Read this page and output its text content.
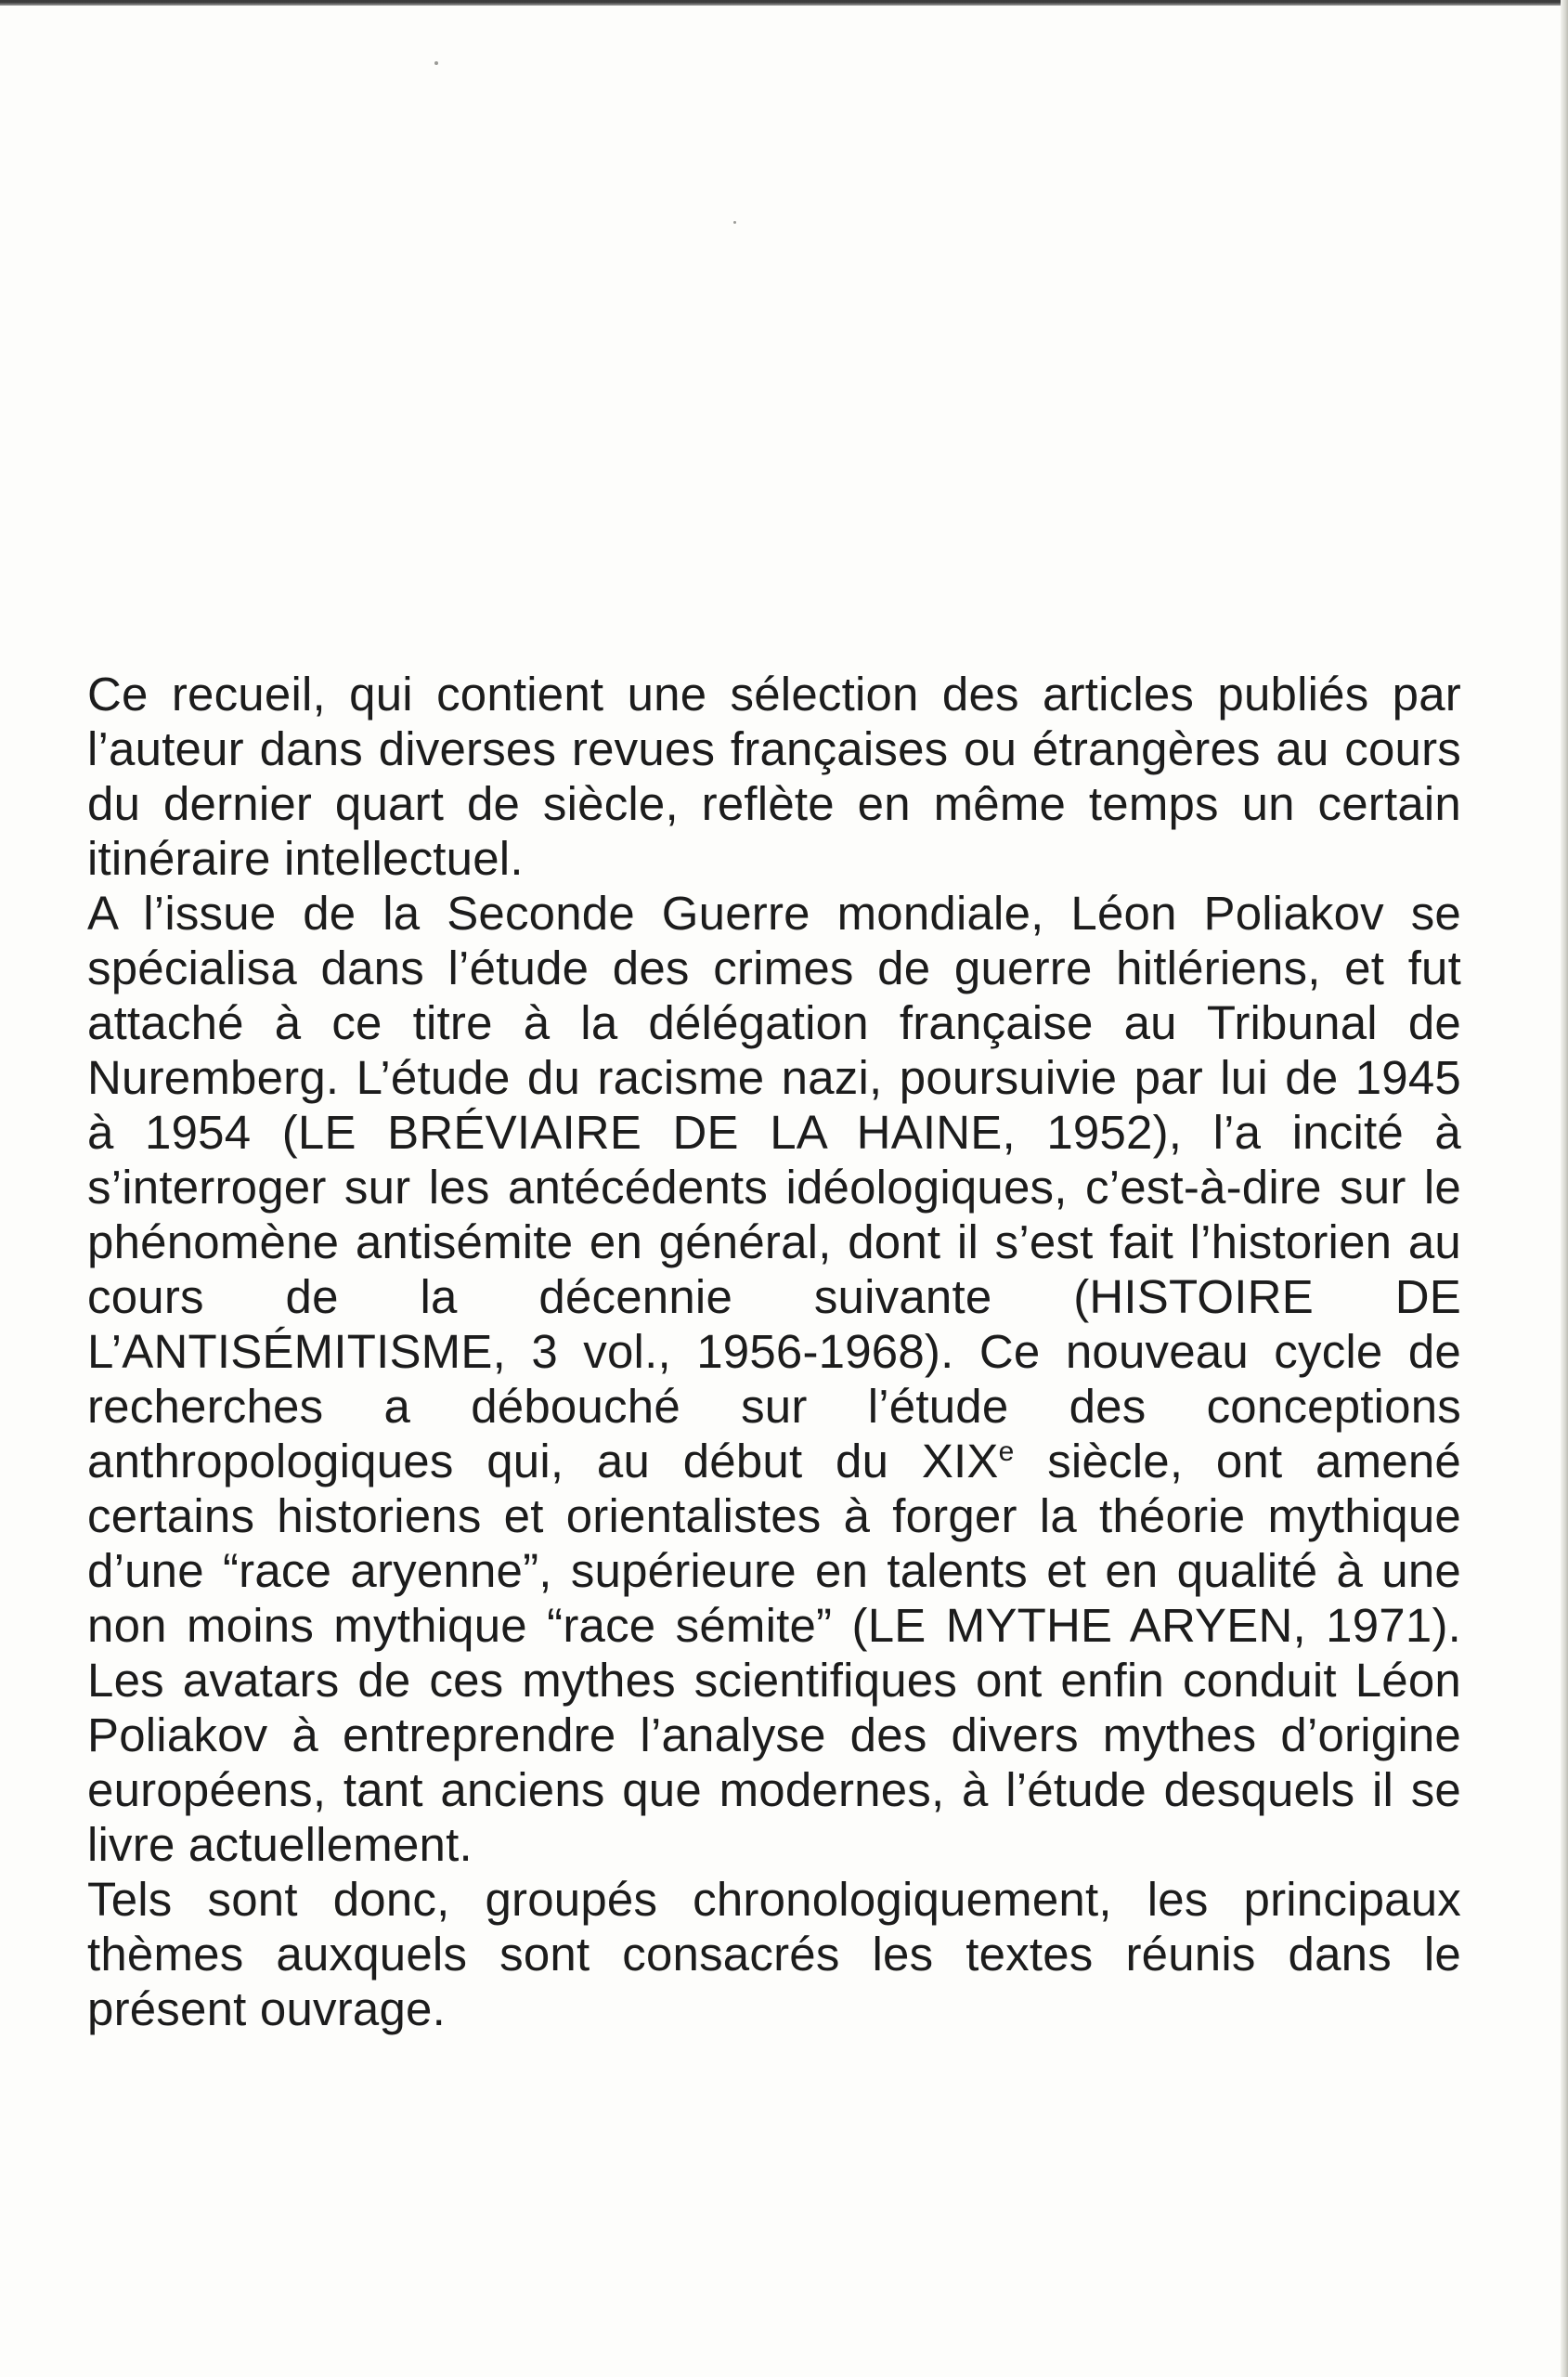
Ce recueil, qui contient une sélection des articles publiés par l’auteur dans diverses revues françaises ou étrangères au cours du dernier quart de siècle, reflète en même temps un certain itinéraire intellectuel.

A l’issue de la Seconde Guerre mondiale, Léon Poliakov se spécialisa dans l’étude des crimes de guerre hitlériens, et fut attaché à ce titre à la délégation française au Tribunal de Nuremberg. L’étude du racisme nazi, poursuivie par lui de 1945 à 1954 (LE BRÉVIAIRE DE LA HAINE, 1952), l’a incité à s’interroger sur les antécédents idéologiques, c’est-à-dire sur le phénomène antisémite en général, dont il s’est fait l’historien au cours de la décennie suivante (HISTOIRE DE L’ANTISÉMITISME, 3 vol., 1956-1968). Ce nouveau cycle de recherches a débouché sur l’étude des conceptions anthropologiques qui, au début du XIXe siècle, ont amené certains historiens et orientalistes à forger la théorie mythique d’une “race aryenne”, supérieure en talents et en qualité à une non moins mythique “race sémite” (LE MYTHE ARYEN, 1971). Les avatars de ces mythes scientifiques ont enfin conduit Léon Poliakov à entreprendre l’analyse des divers mythes d’origine européens, tant anciens que modernes, à l’étude desquels il se livre actuellement.

Tels sont donc, groupés chronologiquement, les principaux thèmes auxquels sont consacrés les textes réunis dans le présent ouvrage.
